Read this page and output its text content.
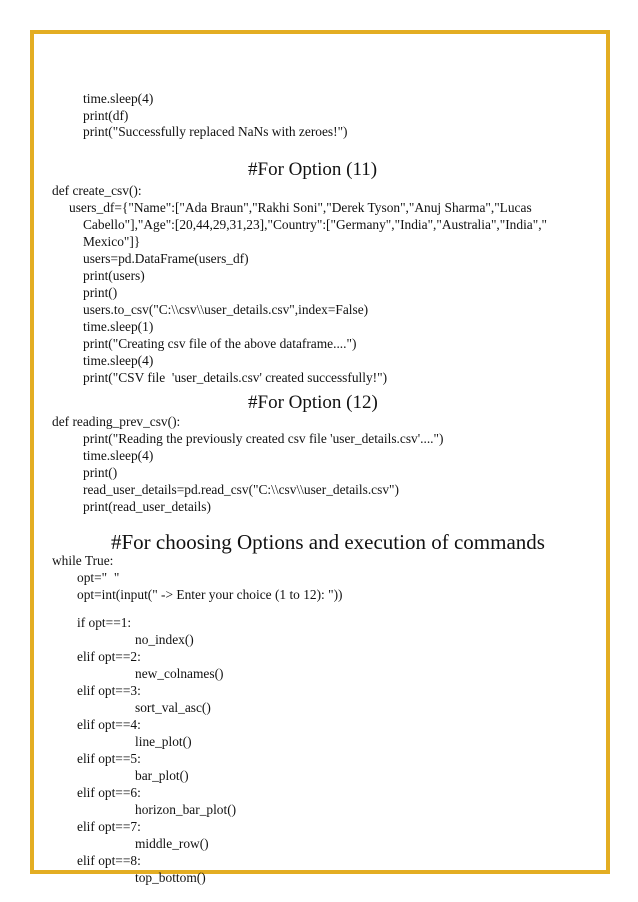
time.sleep(4)
print(df)
print("Successfully replaced NaNs with zeroes!")
#For Option (11)
def create_csv():
users_df={"Name":["Ada Braun","Rakhi Soni","Derek Tyson","Anuj Sharma","Lucas
Cabello"],"Age":[20,44,29,31,23],"Country":["Germany","India","Australia","India","
Mexico"]}
users=pd.DataFrame(users_df)
print(users)
print()
users.to_csv("C:\\csv\\user_details.csv",index=False)
time.sleep(1)
print("Creating csv file of the above dataframe....")
time.sleep(4)
print("CSV file  'user_details.csv' created successfully!")
#For Option (12)
def reading_prev_csv():
print("Reading the previously created csv file 'user_details.csv'....")
time.sleep(4)
print()
read_user_details=pd.read_csv("C:\\csv\\user_details.csv")
print(read_user_details)
#For choosing Options and execution of commands
while True:
opt="  "
opt=int(input(" -> Enter your choice (1 to 12): "))
if opt==1:
no_index()
elif opt==2:
new_colnames()
elif opt==3:
sort_val_asc()
elif opt==4:
line_plot()
elif opt==5:
bar_plot()
elif opt==6:
horizon_bar_plot()
elif opt==7:
middle_row()
elif opt==8:
top_bottom()
